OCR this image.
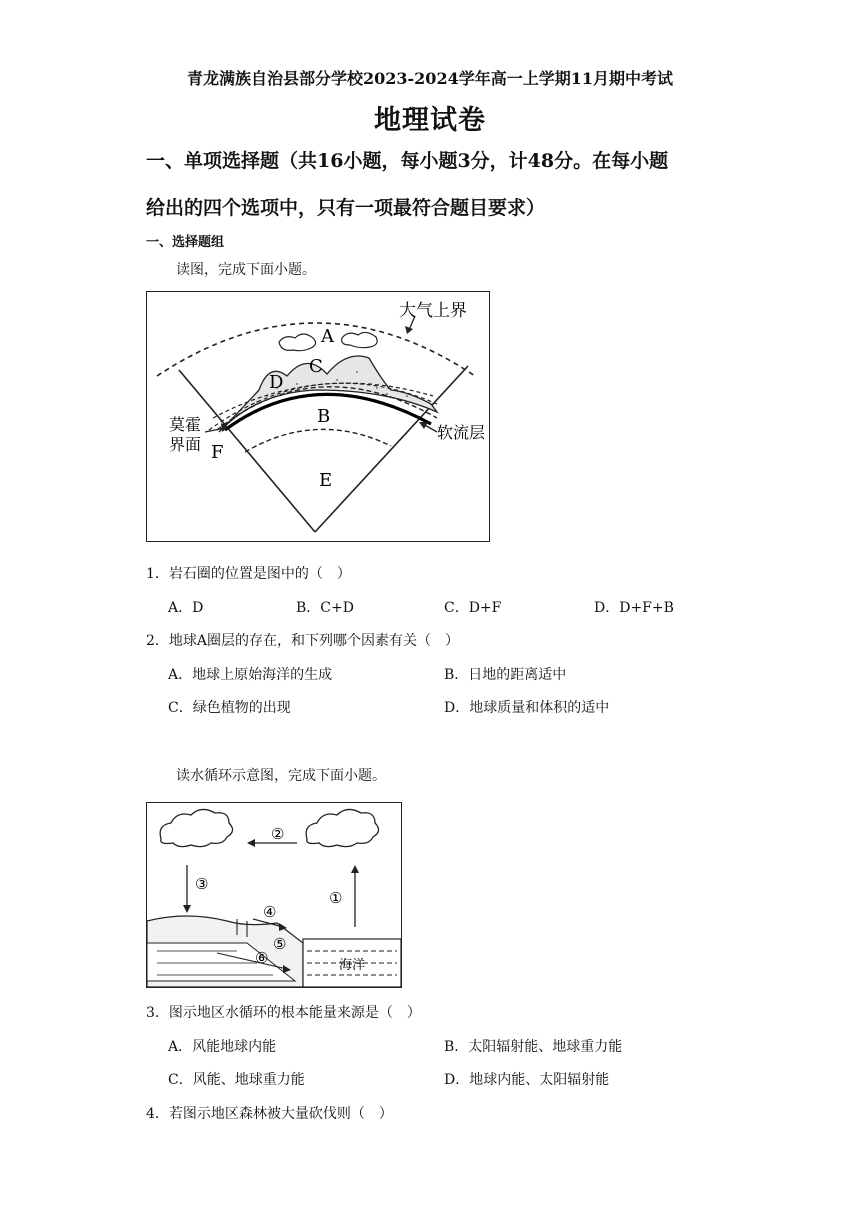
青龙满族自治县部分学校2023-2024学年高一上学期11月期中考试
地理试卷
一、单项选择题（共16小题，每小题3分，计48分。在每小题
给出的四个选项中，只有一项最符合题目要求）
一、选择题组
读图，完成下面小题。
大气上界
A
C
D
B
E
F
莫霍
界面
软流层
1．岩石圈的位置是图中的（　）
A．D	B．C+D	C．D+F	D．D+F+B
2．地球A圈层的存在，和下列哪个因素有关（　）
A．地球上原始海洋的生成	B．日地的距离适中
C．绿色植物的出现	D．地球质量和体积的适中
读水循环示意图，完成下面小题。
②
③
①
④
⑤
⑥	海洋
3．图示地区水循环的根本能量来源是（　）
A．风能地球内能	B．太阳辐射能、地球重力能
C．风能、地球重力能	D．地球内能、太阳辐射能
4．若图示地区森林被大量砍伐则（　）
